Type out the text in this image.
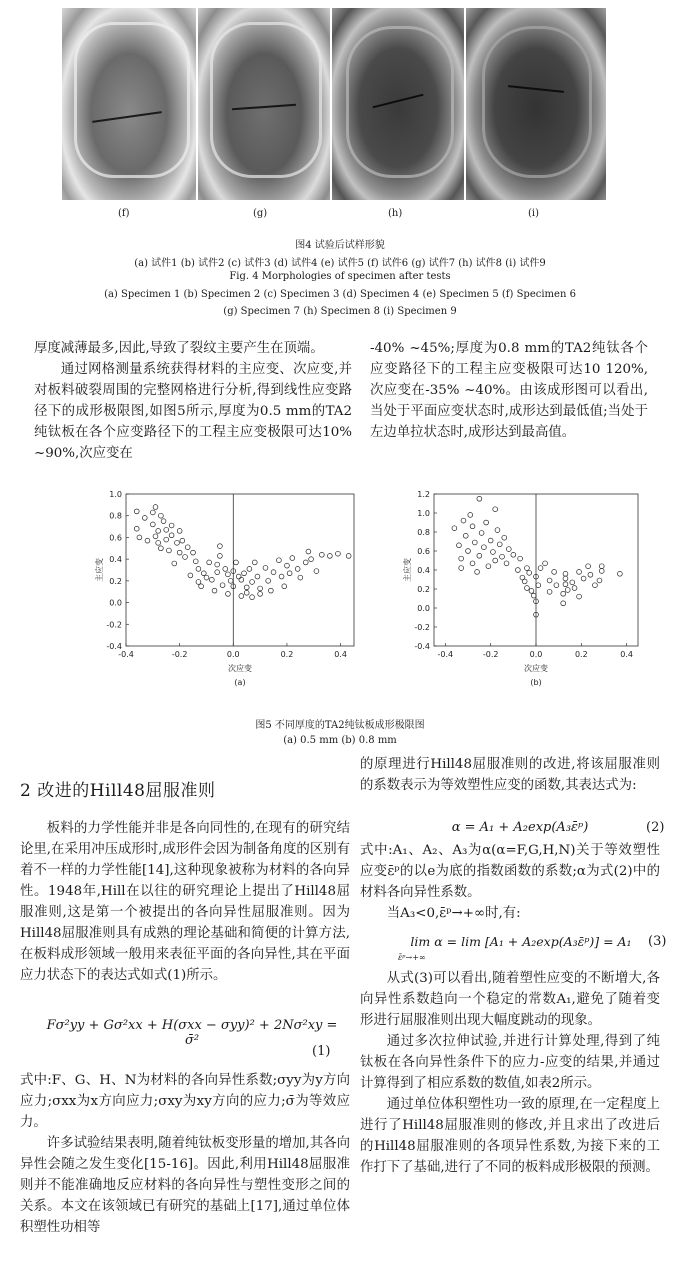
(f)	(g)	(h)	(i)
图4 试验后试样形貌
(a) 试件1 (b) 试件2 (c) 试件3 (d) 试件4 (e) 试件5 (f) 试件6 (g) 试件7 (h) 试件8 (i) 试件9
Fig. 4 Morphologies of specimen after tests
(a) Specimen 1 (b) Specimen 2 (c) Specimen 3 (d) Specimen 4 (e) Specimen 5 (f) Specimen 6
(g) Specimen 7 (h) Specimen 8 (i) Specimen 9
厚度减薄最多,因此,导致了裂纹主要产生在顶端。
通过网格测量系统获得材料的主应变、次应变,并对板料破裂周围的完整网格进行分析,得到线性应变路径下的成形极限图,如图5所示,厚度为0.5 mm的TA2纯钛板在各个应变路径下的工程主应变极限可达10% ~90%,次应变在
-40% ~45%;厚度为0.8 mm的TA2纯钛各个应变路径下的工程主应变极限可达10 120%,次应变在-35% ~40%。由该成形图可以看出,当处于平面应变状态时,成形达到最低值;当处于左边单拉状态时,成形达到最高值。
-0.4	-0.2	0.0	0.2	0.4
-0.4
-0.2
0.0
0.2
0.4
0.6
0.8
1.0
次应变
主应变
(a)
-0.4	-0.2	0.0	0.2	0.4
-0.4
-0.2
0.0
0.2
0.4
0.6
0.8
1.0
1.2
次应变
主应变
(b)
图5 不同厚度的TA2纯钛板成形极限图
(a) 0.5 mm (b) 0.8 mm
2 改进的Hill48屈服准则
板料的力学性能并非是各向同性的,在现有的研究结论里,在采用冲压成形时,成形件会因为制备角度的区别有着不一样的力学性能[14],这种现象被称为材料的各向异性。1948年,Hill在以往的研究理论上提出了Hill48屈服准则,这是第一个被提出的各向异性屈服准则。因为Hill48屈服准则具有成熟的理论基础和简便的计算方法,在板料成形领域一般用来表征平面的各向异性,其在平面应力状态下的表达式如式(1)所示。
Fσ²yy + Gσ²xx + H(σxx − σyy)² + 2Nσ²xy = σ̄²
(1)
式中:F、G、H、N为材料的各向异性系数;σyy为y方向应力;σxx为x方向应力;σxy为xy方向的应力;σ̄为等效应力。
许多试验结果表明,随着纯钛板变形量的增加,其各向异性会随之发生变化[15-16]。因此,利用Hill48屈服准则并不能准确地反应材料的各向异性与塑性变形之间的关系。本文在该领域已有研究的基础上[17],通过单位体积塑性功相等
的原理进行Hill48屈服准则的改进,将该屈服准则的系数表示为等效塑性应变的函数,其表达式为:
α = A₁ + A₂exp(A₃ε̄ᵖ)	(2)
式中:A₁、A₂、A₃为α(α=F,G,H,N)关于等效塑性应变ε̄ᵖ的以e为底的指数函数的系数;α为式(2)中的材料各向异性系数。
当A₃<0,ε̄ᵖ→+∞时,有:
lim α = lim [A₁ + A₂exp(A₃ε̄ᵖ)] = A₁
ε̄ᵖ→+∞
(3)
从式(3)可以看出,随着塑性应变的不断增大,各向异性系数趋向一个稳定的常数A₁,避免了随着变形进行屈服准则出现大幅度跳动的现象。
通过多次拉伸试验,并进行计算处理,得到了纯钛板在各向异性条件下的应力-应变的结果,并通过计算得到了相应系数的数值,如表2所示。
通过单位体积塑性功一致的原理,在一定程度上进行了Hill48屈服准则的修改,并且求出了改进后的Hill48屈服准则的各项异性系数,为接下来的工作打下了基础,进行了不同的板料成形极限的预测。
